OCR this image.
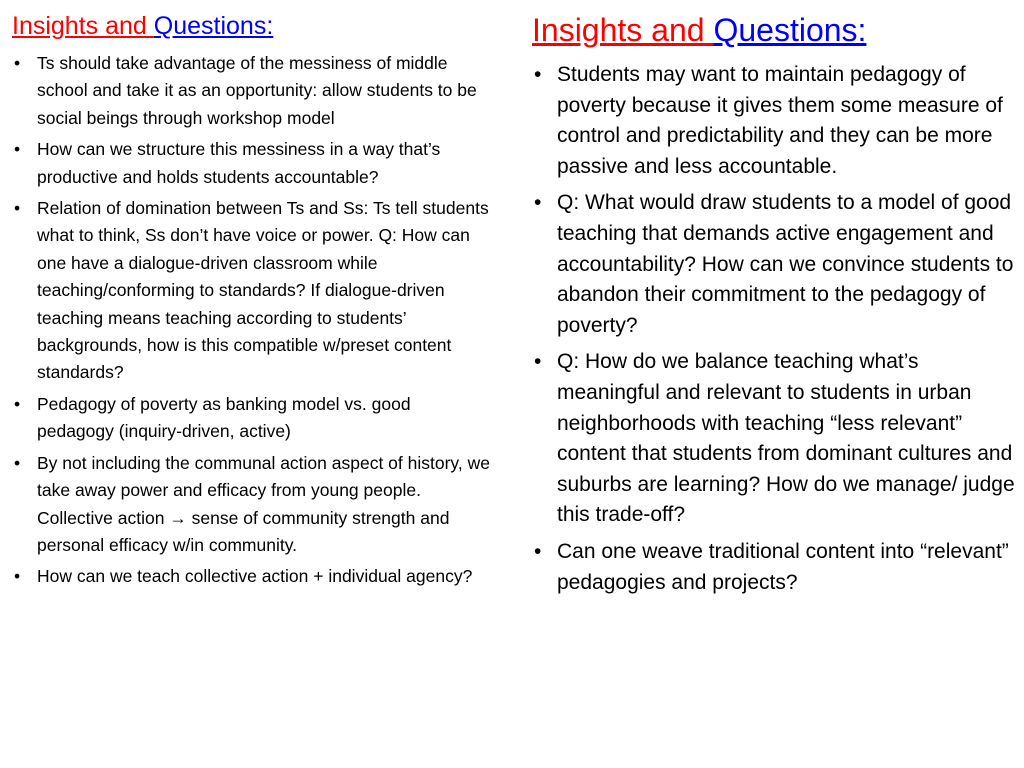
Insights and Questions:
• Ts should take advantage of the messiness of middle school and take it as an opportunity: allow students to be social beings through workshop model
• How can we structure this messiness in a way that’s productive and holds students accountable?
• Relation of domination between Ts and Ss: Ts tell students what to think, Ss don’t have voice or power. Q: How can one have a dialogue-driven classroom while teaching/conforming to standards? If dialogue-driven teaching means teaching according to students’ backgrounds, how is this compatible w/preset content standards?
• Pedagogy of poverty as banking model vs. good pedagogy (inquiry-driven, active)
• By not including the communal action aspect of history, we take away power and efficacy from young people. Collective action → sense of community strength and personal efficacy w/in community.
• How can we teach collective action + individual agency?
Insights and Questions:
• Students may want to maintain pedagogy of poverty because it gives them some measure of control and predictability and they can be more passive and less accountable.
• Q: What would draw students to a model of good teaching that demands active engagement and accountability? How can we convince students to abandon their commitment to the pedagogy of poverty?
• Q: How do we balance teaching what’s meaningful and relevant to students in urban neighborhoods with teaching “less relevant” content that students from dominant cultures and suburbs are learning? How do we manage/ judge this trade-off?
• Can one weave traditional content into “relevant” pedagogies and projects?
